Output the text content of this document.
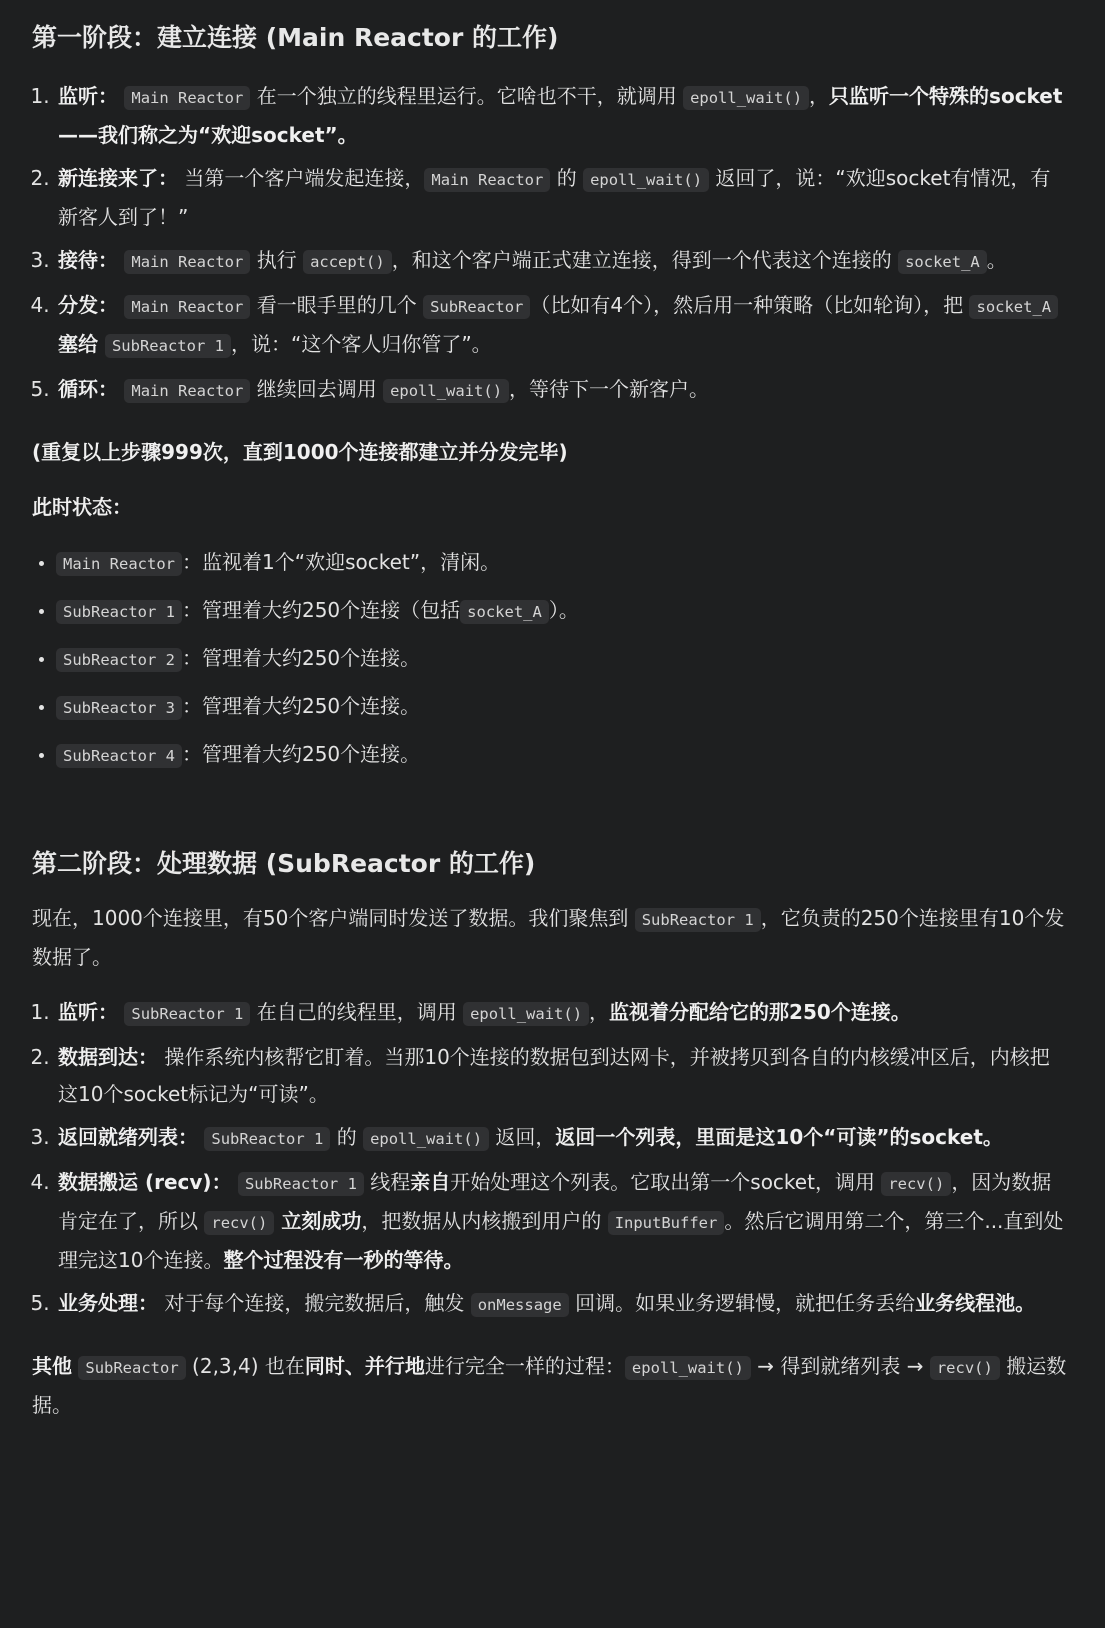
第一阶段：建立连接 (Main Reactor 的工作)
1. 监听： Main Reactor 在一个独立的线程里运行。它啥也不干，就调用 epoll_wait() ，只监听一个特殊的socket——我们称之为“欢迎socket”。
2. 新连接来了： 当第一个客户端发起连接， Main Reactor 的 epoll_wait() 返回了，说：“欢迎socket有情况，有新客人到了！”
3. 接待： Main Reactor 执行 accept() ，和这个客户端正式建立连接，得到一个代表这个连接的 socket_A 。
4. 分发： Main Reactor 看一眼手里的几个 SubReactor （比如有4个），然后用一种策略（比如轮询），把 socket_A 塞给 SubReactor 1 ，说：“这个客人归你管了”。
5. 循环： Main Reactor 继续回去调用 epoll_wait() ，等待下一个新客户。

(重复以上步骤999次，直到1000个连接都建立并分发完毕)

此时状态：

• Main Reactor ：监视着1个“欢迎socket”，清闲。
• SubReactor 1 ：管理着大约250个连接（包括 socket_A ）。
• SubReactor 2 ：管理着大约250个连接。
• SubReactor 3 ：管理着大约250个连接。
• SubReactor 4 ：管理着大约250个连接。
第二阶段：处理数据 (SubReactor 的工作)

现在，1000个连接里，有50个客户端同时发送了数据。我们聚焦到 SubReactor 1 ，它负责的250个连接里有10个发数据了。

1. 监听： SubReactor 1 在自己的线程里，调用 epoll_wait() ，监视着分配给它的那250个连接。
2. 数据到达： 操作系统内核帮它盯着。当那10个连接的数据包到达网卡，并被拷贝到各自的内核缓冲区后，内核把这10个socket标记为“可读”。
3. 返回就绪列表： SubReactor 1 的 epoll_wait() 返回，返回一个列表，里面是这10个“可读”的socket。
4. 数据搬运 (recv)： SubReactor 1 线程亲自开始处理这个列表。它取出第一个socket，调用 recv() ，因为数据肯定在了，所以 recv() 立刻成功，把数据从内核搬到用户的 InputBuffer 。然后它调用第二个，第三个...直到处理完这10个连接。整个过程没有一秒的等待。
5. 业务处理： 对于每个连接，搬完数据后，触发 onMessage 回调。如果业务逻辑慢，就把任务丢给业务线程池。

其他 SubReactor (2,3,4) 也在同时、并行地进行完全一样的过程： epoll_wait() → 得到就绪列表 → recv() 搬运数据。
